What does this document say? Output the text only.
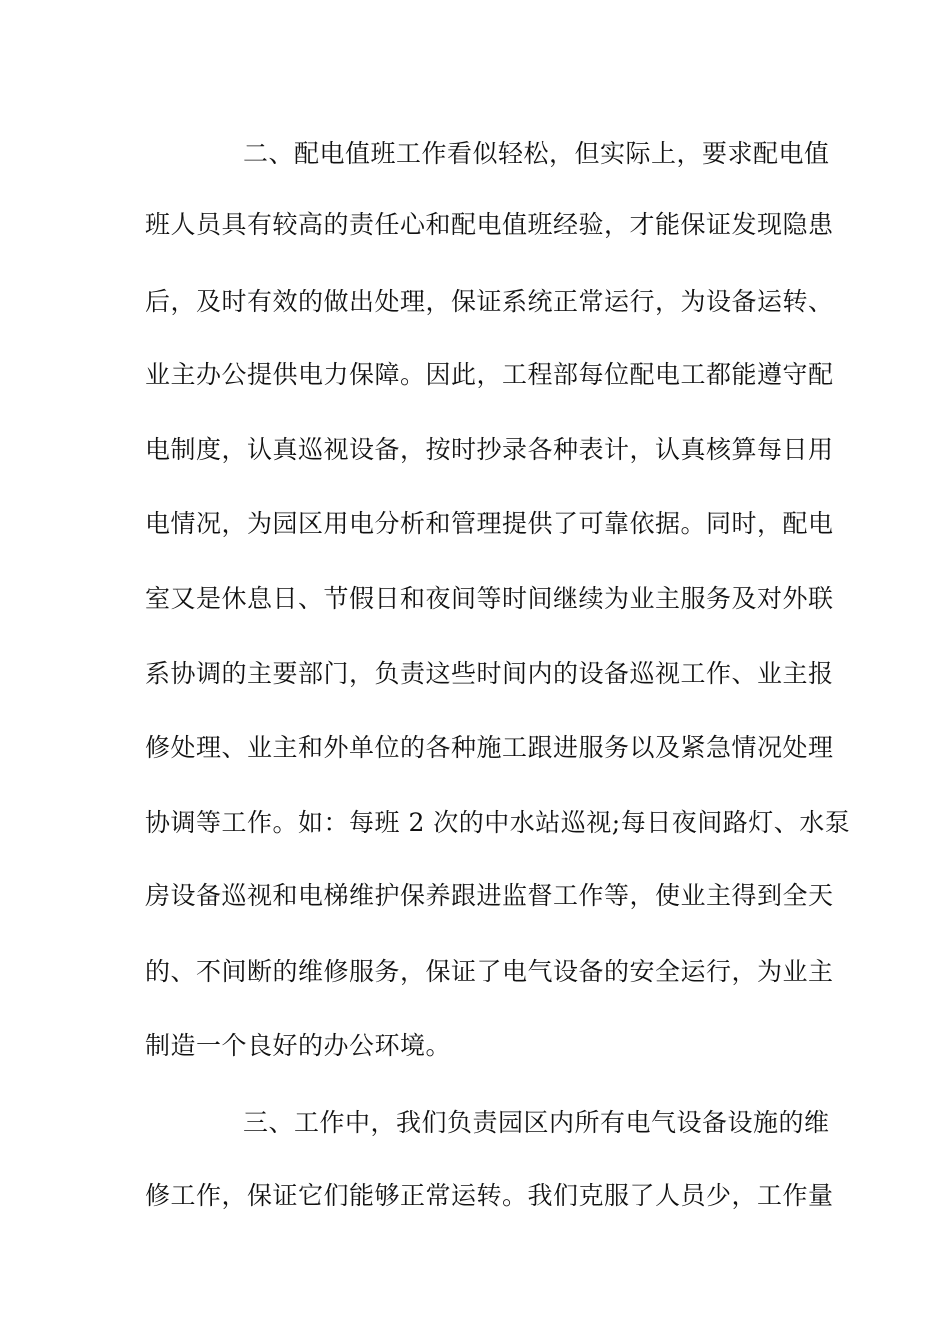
二、配电值班工作看似轻松，但实际上，要求配电值
班人员具有较高的责任心和配电值班经验，才能保证发现隐患
后，及时有效的做出处理，保证系统正常运行，为设备运转、
业主办公提供电力保障。因此，工程部每位配电工都能遵守配
电制度，认真巡视设备，按时抄录各种表计，认真核算每日用
电情况，为园区用电分析和管理提供了可靠依据。同时，配电
室又是休息日、节假日和夜间等时间继续为业主服务及对外联
系协调的主要部门，负责这些时间内的设备巡视工作、业主报
修处理、业主和外单位的各种施工跟进服务以及紧急情况处理
协调等工作。如：每班 2 次的中水站巡视;每日夜间路灯、水泵
房设备巡视和电梯维护保养跟进监督工作等，使业主得到全天
的、不间断的维修服务，保证了电气设备的安全运行，为业主
制造一个良好的办公环境。
三、工作中，我们负责园区内所有电气设备设施的维
修工作，保证它们能够正常运转。我们克服了人员少，工作量
